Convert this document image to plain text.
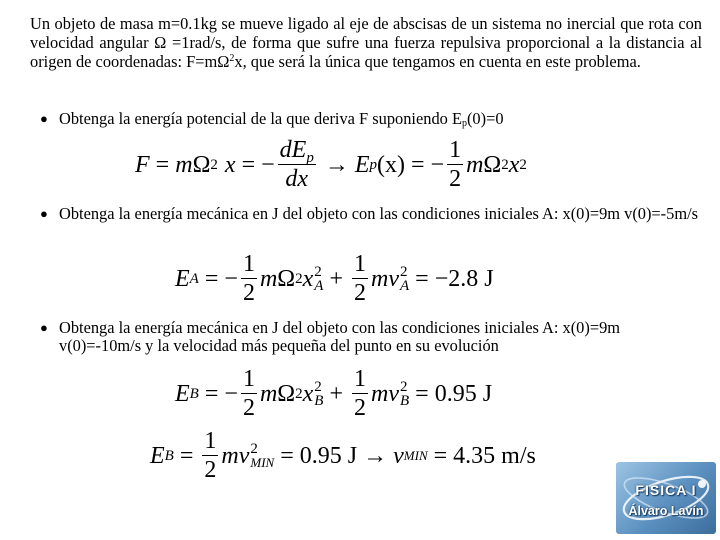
Un objeto de masa m=0.1kg se mueve ligado al eje de abscisas de un sistema no inercial que rota con velocidad angular Ω =1rad/s, de forma que sufre una fuerza repulsiva proporcional a la distancia al origen de coordenadas: $F=m\Omega^2x$, que será la única que tengamos en cuenta en este problema.
● Obtenga la energía potencial de la que deriva F suponiendo $E_p(0)=0$
F = m Ω 2 x = − $\frac{dE_p}{dx} \to E$ p (x) = − $\frac{1}{2}$ m Ω 2 x 2
● Obtenga la energía mecánica en J del objeto con las condiciones iniciales A: x(0)=9m v(0)=-5m/s
E A = − $\frac{1}{2}$ m Ω 2 x 2
$A + \frac{1}{2}$ m v 2
A = −2.8 J
● Obtenga la energía mecánica en J del objeto con las condiciones iniciales A: x(0)=9m v(0)=-10m/s y la velocidad más pequeña del punto en su evolución
E B = − $\frac{1}{2}$ m Ω 2 x 2
$B + \frac{1}{2}$ m v 2
B = 0.95 J
E $B = \frac{1}{2}$ m v 2
MIN = 0.95 J → v MIN = 4.35 m/s
FISICA I
Álvaro Lavín
